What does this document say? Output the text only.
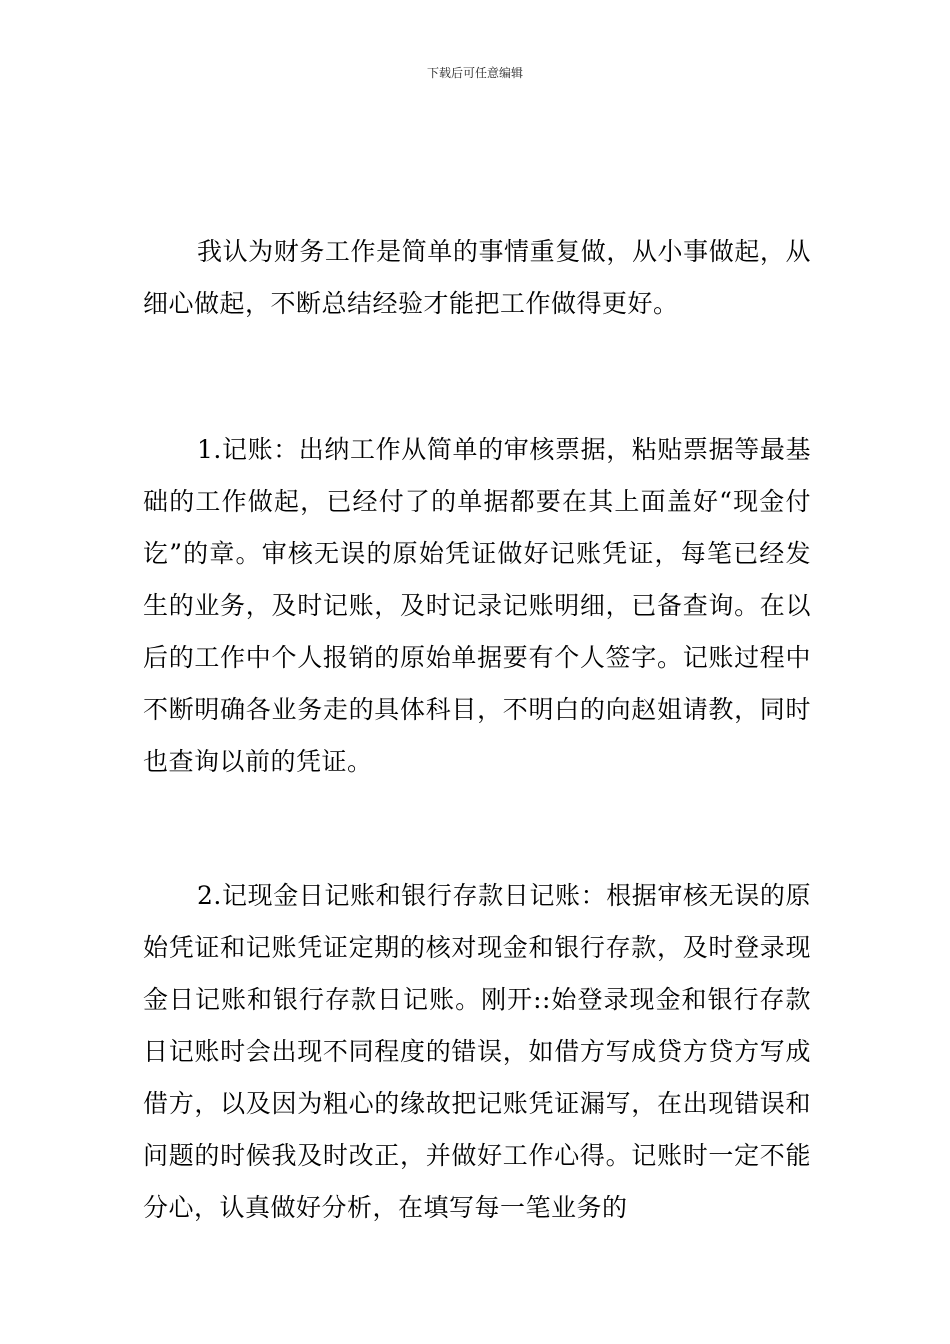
下载后可任意编辑

我认为财务工作是简单的事情重复做，从小事做起，从细心做起，不断总结经验才能把工作做得更好。

1.记账：出纳工作从简单的审核票据，粘贴票据等最基础的工作做起，已经付了的单据都要在其上面盖好“现金付讫”的章。审核无误的原始凭证做好记账凭证，每笔已经发生的业务，及时记账，及时记录记账明细，已备查询。在以后的工作中个人报销的原始单据要有个人签字。记账过程中不断明确各业务走的具体科目，不明白的向赵姐请教，同时也查询以前的凭证。

2.记现金日记账和银行存款日记账：根据审核无误的原始凭证和记账凭证定期的核对现金和银行存款，及时登录现金日记账和银行存款日记账。刚开::始登录现金和银行存款日记账时会出现不同程度的错误，如借方写成贷方贷方写成借方，以及因为粗心的缘故把记账凭证漏写，在出现错误和问题的时候我及时改正，并做好工作心得。记账时一定不能分心，认真做好分析，在填写每一笔业务的
